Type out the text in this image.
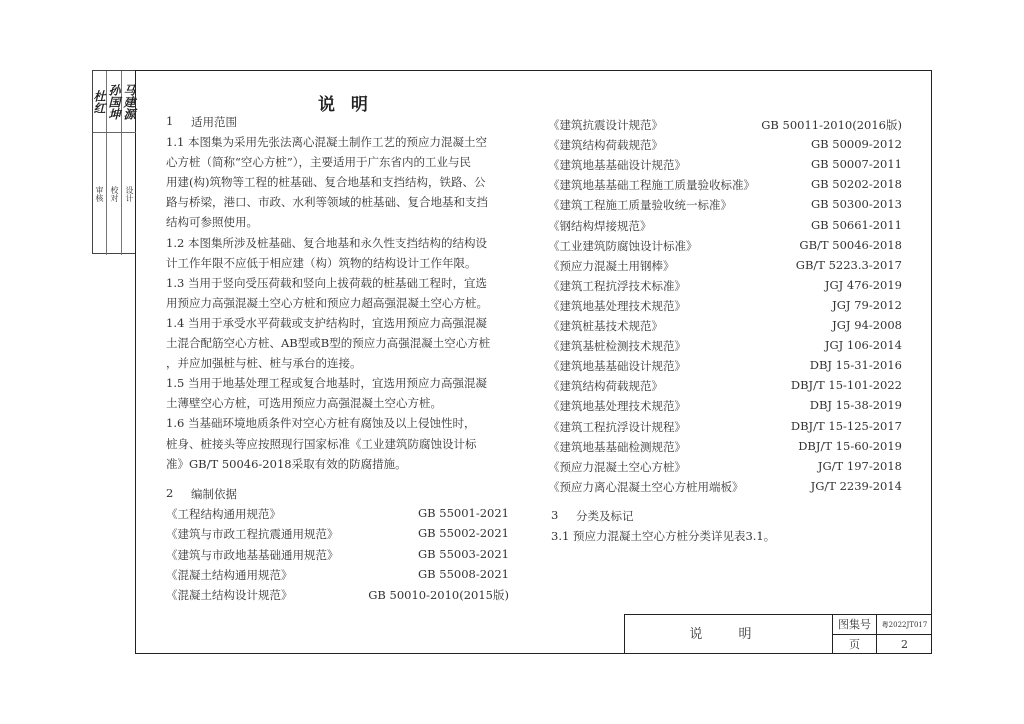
杜红 孙国坤 马建源
审核 校对 设计
说 明
1 适用范围
1.1 本图集为采用先张法离心混凝土制作工艺的预应力混凝土空
心方桩（简称“空心方桩”），主要适用于广东省内的工业与民
用建(构)筑物等工程的桩基础、复合地基和支挡结构，铁路、公
路与桥梁，港口、市政、水利等领域的桩基础、复合地基和支挡
结构可参照使用。
1.2 本图集所涉及桩基础、复合地基和永久性支挡结构的结构设
计工作年限不应低于相应建（构）筑物的结构设计工作年限。
1.3 当用于竖向受压荷载和竖向上拔荷载的桩基础工程时，宜选
用预应力高强混凝土空心方桩和预应力超高强混凝土空心方桩。
1.4 当用于承受水平荷载或支护结构时，宜选用预应力高强混凝
土混合配筋空心方桩、AB型或B型的预应力高强混凝土空心方桩
，并应加强桩与桩、桩与承台的连接。
1.5 当用于地基处理工程或复合地基时，宜选用预应力高强混凝
土薄壁空心方桩，可选用预应力高强混凝土空心方桩。
1.6 当基础环境地质条件对空心方桩有腐蚀及以上侵蚀性时，
桩身、桩接头等应按照现行国家标准《工业建筑防腐蚀设计标
准》GB/T 50046-2018采取有效的防腐措施。
2 编制依据
《工程结构通用规范》	GB 55001-2021
《建筑与市政工程抗震通用规范》	GB 55002-2021
《建筑与市政地基基础通用规范》	GB 55003-2021
《混凝土结构通用规范》	GB 55008-2021
《混凝土结构设计规范》	GB 50010-2010(2015版)
《建筑抗震设计规范》	GB 50011-2010(2016版)
《建筑结构荷载规范》	GB 50009-2012
《建筑地基基础设计规范》	GB 50007-2011
《建筑地基基础工程施工质量验收标准》	GB 50202-2018
《建筑工程施工质量验收统一标准》	GB 50300-2013
《钢结构焊接规范》	GB 50661-2011
《工业建筑防腐蚀设计标准》	GB/T 50046-2018
《预应力混凝土用钢棒》	GB/T 5223.3-2017
《建筑工程抗浮技术标准》	JGJ 476-2019
《建筑地基处理技术规范》	JGJ 79-2012
《建筑桩基技术规范》	JGJ 94-2008
《建筑基桩检测技术规范》	JGJ 106-2014
《建筑地基基础设计规范》	DBJ 15-31-2016
《建筑结构荷载规范》	DBJ/T 15-101-2022
《建筑地基处理技术规范》	DBJ 15-38-2019
《建筑工程抗浮设计规程》	DBJ/T 15-125-2017
《建筑地基基础检测规范》	DBJ/T 15-60-2019
《预应力混凝土空心方桩》	JG/T 197-2018
《预应力离心混凝土空心方桩用端板》	JG/T 2239-2014
3 分类及标记
3.1 预应力混凝土空心方桩分类详见表3.1。
说 明
图集号	粤2022JT017
页	2
